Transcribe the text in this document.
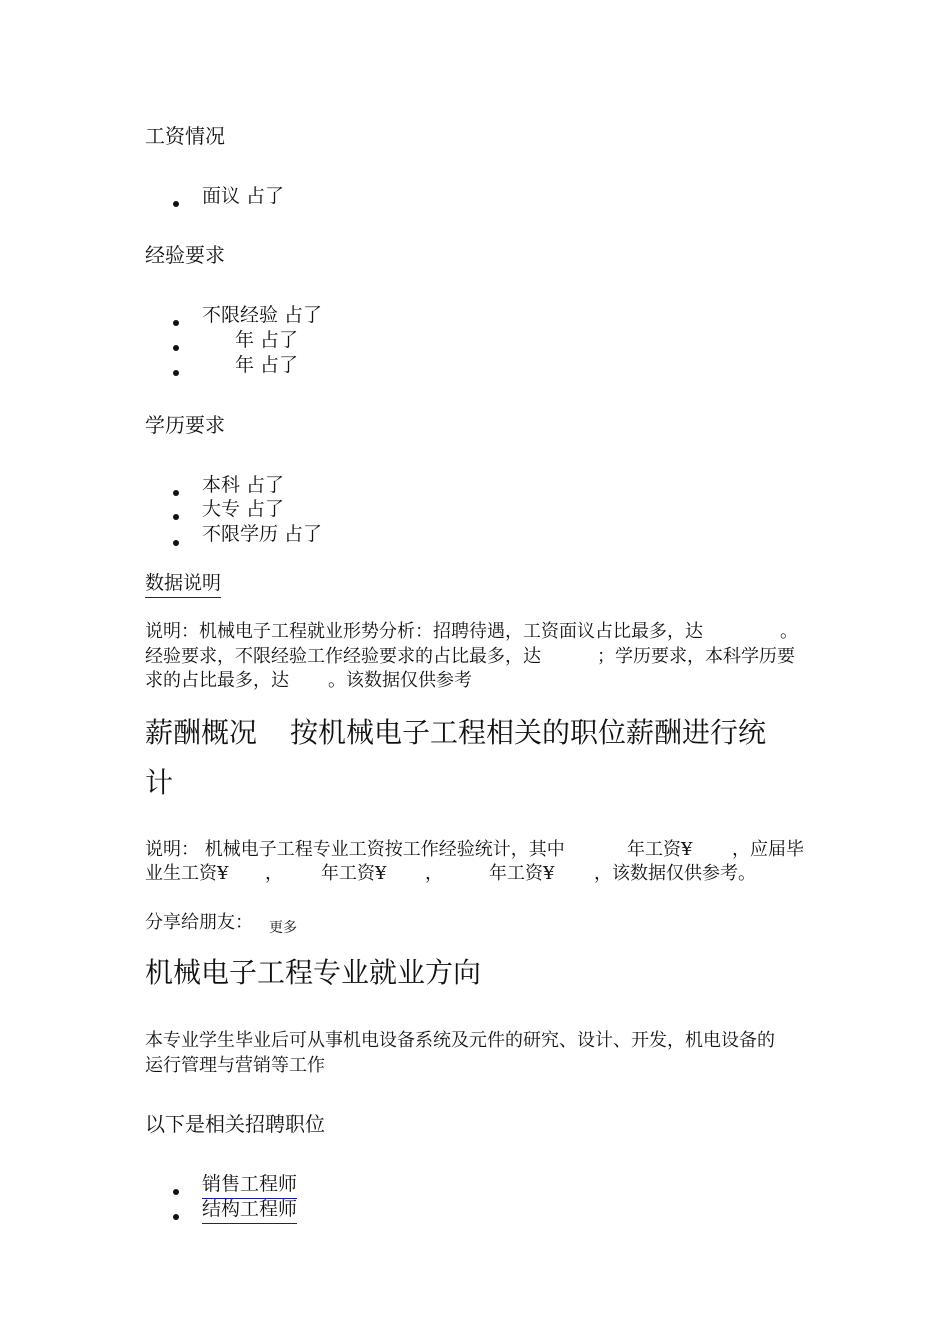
工资情况
面议 占了
经验要求
不限经验 占了
年 占了
年 占了
学历要求
本科 占了
大专 占了
不限学历 占了
数据说明
说明：机械电子工程就业形势分析：招聘待遇，工资面议占比最多，达	。
经验要求，不限经验工作经验要求的占比最多，达	；学历要求，本科学历要
求的占比最多，达 。该数据仅供参考
薪酬概况 按机械电子工程相关的职位薪酬进行统
计
说明： 机械电子工程专业工资按工作经验统计，其中	年工资¥ ，应届毕
业生工资¥ ， 年工资¥ ，	年工资¥ ，该数据仅供参考。
分享给朋友： 更多
机械电子工程专业就业方向
本专业学生毕业后可从事机电设备系统及元件的研究、设计、开发，机电设备的
运行管理与营销等工作
以下是相关招聘职位
销售工程师
结构工程师
